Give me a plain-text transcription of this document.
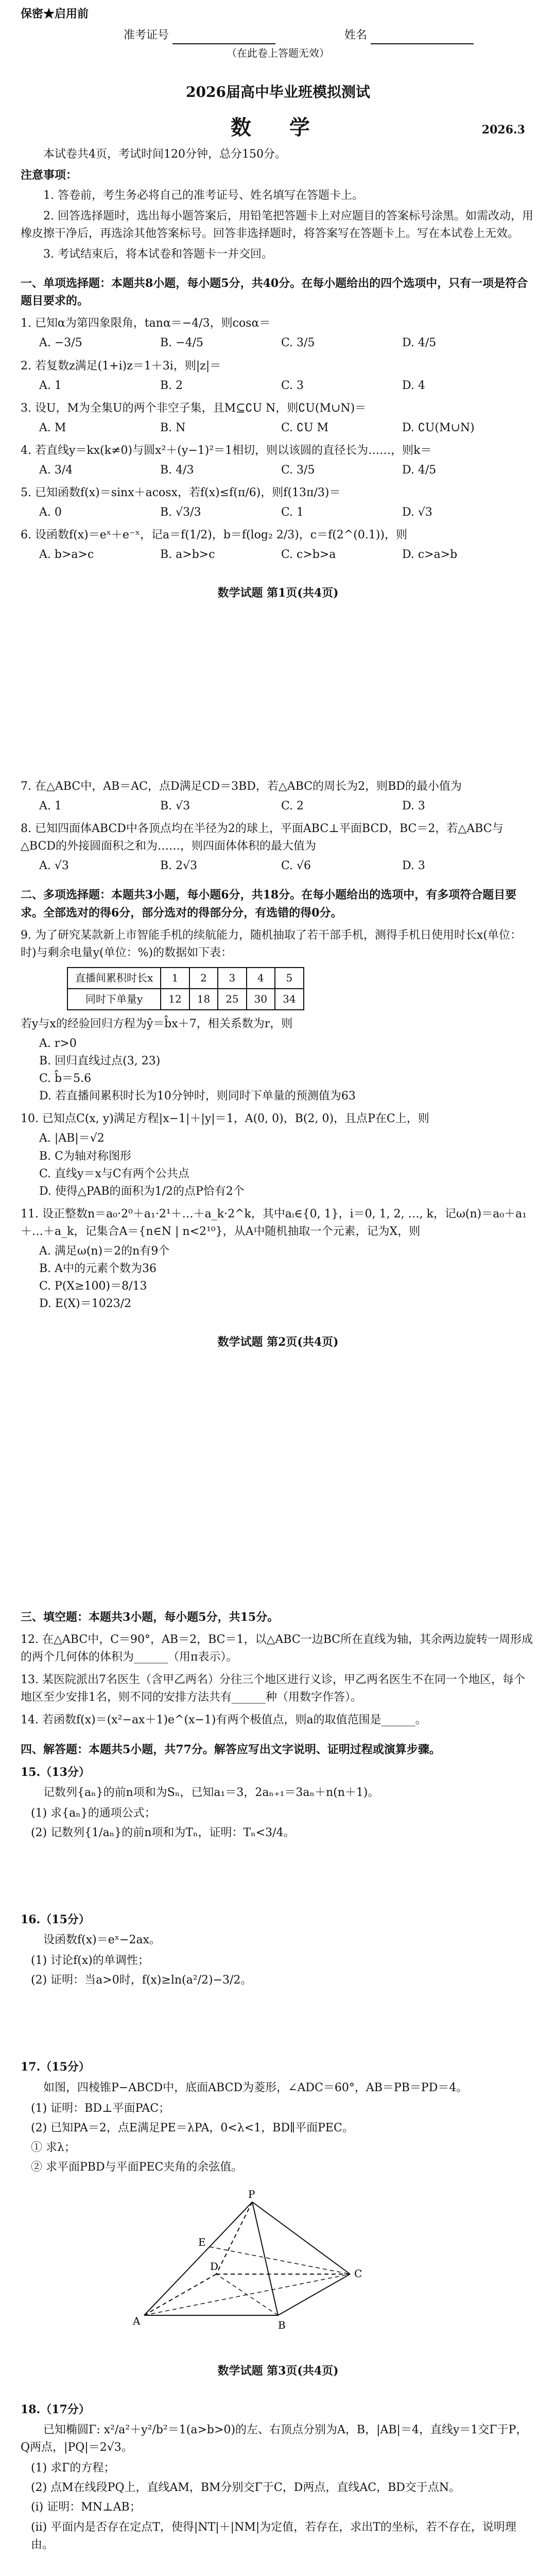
保密★启用前
准考证号	姓名
（在此卷上答题无效）
2026届高中毕业班模拟测试
数 学	2026.3
本试卷共4页，考试时间120分钟，总分150分。
注意事项：
1. 答卷前，考生务必将自己的准考证号、姓名填写在答题卡上。
2. 回答选择题时，选出每小题答案后，用铅笔把答题卡上对应题目的答案标号涂黑。如需改动，用橡皮擦干净后，再选涂其他答案标号。回答非选择题时，将答案写在答题卡上。写在本试卷上无效。
3. 考试结束后，将本试卷和答题卡一并交回。
一、单项选择题：本题共8小题，每小题5分，共40分。在每小题给出的四个选项中，只有一项是符合题目要求的。
1. 已知α为第四象限角，tanα＝−4/3，则cosα＝
A. −3/5	B. −4/5	C. 3/5	D. 4/5
2. 若复数z满足(1+i)z＝1＋3i，则|z|＝
A. 1	B. 2	C. 3	D. 4
3. 设U，M为全集U的两个非空子集，且M⊆∁U N，则∁U(M∪N)＝
A. M	B. N	C. ∁U M	D. ∁U(M∪N)
4. 若直线y＝kx(k≠0)与圆x²＋(y−1)²＝1相切，则以该圆的直径长为……，则k＝
A. 3/4	B. 4/3	C. 3/5	D. 4/5
5. 已知函数f(x)＝sinx＋acosx，若f(x)≤f(π/6)，则f(13π/3)＝
A. 0	B. √3/3	C. 1	D. √3
6. 设函数f(x)＝eˣ＋e⁻ˣ，记a＝f(1/2)，b＝f(log₂ 2/3)，c＝f(2^(0.1))，则
A. b>a>c	B. a>b>c	C. c>b>a	D. c>a>b
数学试题 第1页(共4页)
7. 在△ABC中，AB＝AC，点D满足CD＝3BD，若△ABC的周长为2，则BD的最小值为
A. 1	B. √3	C. 2	D. 3
8. 已知四面体ABCD中各顶点均在半径为2的球上，平面ABC⊥平面BCD，BC＝2，若△ABC与△BCD的外接圆面积之和为……，则四面体体积的最大值为
A. √3	B. 2√3	C. √6	D. 3
二、多项选择题：本题共3小题，每小题6分，共18分。在每小题给出的选项中，有多项符合题目要求。全部选对的得6分，部分选对的得部分分，有选错的得0分。
9. 为了研究某款新上市智能手机的续航能力，随机抽取了若干部手机，测得手机日使用时长x(单位：时)与剩余电量y(单位：%)的数据如下表：
直播间累积时长x	1	2	3	4	5
同时下单量y	12	18	25	30	34
若y与x的经验回归方程为ŷ＝b̂x＋7，相关系数为r，则
A. r>0
B. 回归直线过点(3, 23)
C. b̂＝5.6
D. 若直播间累积时长为10分钟时，则同时下单量的预测值为63
10. 已知点C(x, y)满足方程|x−1|＋|y|＝1，A(0, 0)，B(2, 0)，且点P在C上，则
A. |AB|＝√2
B. C为轴对称图形
C. 直线y＝x与C有两个公共点
D. 使得△PAB的面积为1/2的点P恰有2个
11. 设正整数n＝a₀·2⁰＋a₁·2¹＋…＋a_k·2^k，其中aᵢ∈{0, 1}，i＝0, 1, 2, …, k，记ω(n)＝a₀＋a₁＋…＋a_k，记集合A＝{n∈N | n<2¹⁰}，从A中随机抽取一个元素，记为X，则
A. 满足ω(n)＝2的n有9个
B. A中的元素个数为36
C. P(X≥100)＝8/13
D. E(X)＝1023/2
数学试题 第2页(共4页)
三、填空题：本题共3小题，每小题5分，共15分。
12. 在△ABC中，C＝90°，AB＝2，BC＝1，以△ABC一边BC所在直线为轴，其余两边旋转一周形成的两个几何体的体积为______（用π表示）。
13. 某医院派出7名医生（含甲乙两名）分往三个地区进行义诊，甲乙两名医生不在同一个地区，每个地区至少安排1名，则不同的安排方法共有______种（用数字作答）。
14. 若函数f(x)＝(x²−ax＋1)e^(x−1)有两个极值点，则a的取值范围是______。
四、解答题：本题共5小题，共77分。解答应写出文字说明、证明过程或演算步骤。
15.（13分）
记数列{aₙ}的前n项和为Sₙ，已知a₁＝3，2aₙ₊₁＝3aₙ＋n(n＋1)。
(1) 求{aₙ}的通项公式；
(2) 记数列{1/aₙ}的前n项和为Tₙ，证明：Tₙ<3/4。
16.（15分）
设函数f(x)＝eˣ−2ax。
(1) 讨论f(x)的单调性；
(2) 证明：当a>0时，f(x)≥ln(a²/2)−3/2。
17.（15分）
如图，四棱锥P−ABCD中，底面ABCD为菱形，∠ADC＝60°，AB＝PB＝PD＝4。
(1) 证明：BD⊥平面PAC；
(2) 已知PA＝2，点E满足PE＝λPA，0<λ<1，BD∥平面PEC。
① 求λ；
② 求平面PBD与平面PEC夹角的余弦值。
P
A	B
C
D
E
数学试题 第3页(共4页)
18.（17分）
已知椭圆Γ: x²/a²＋y²/b²＝1(a>b>0)的左、右顶点分别为A，B，|AB|＝4，直线y＝1交Γ于P，Q两点，|PQ|＝2√3。
(1) 求Γ的方程；
(2) 点M在线段PQ上，直线AM，BM分别交Γ于C，D两点，直线AC，BD交于点N。
(i) 证明：MN⊥AB；
(ii) 平面内是否存在定点T，使得|NT|＋|NM|为定值，若存在，求出T的坐标，若不存在，说明理由。
